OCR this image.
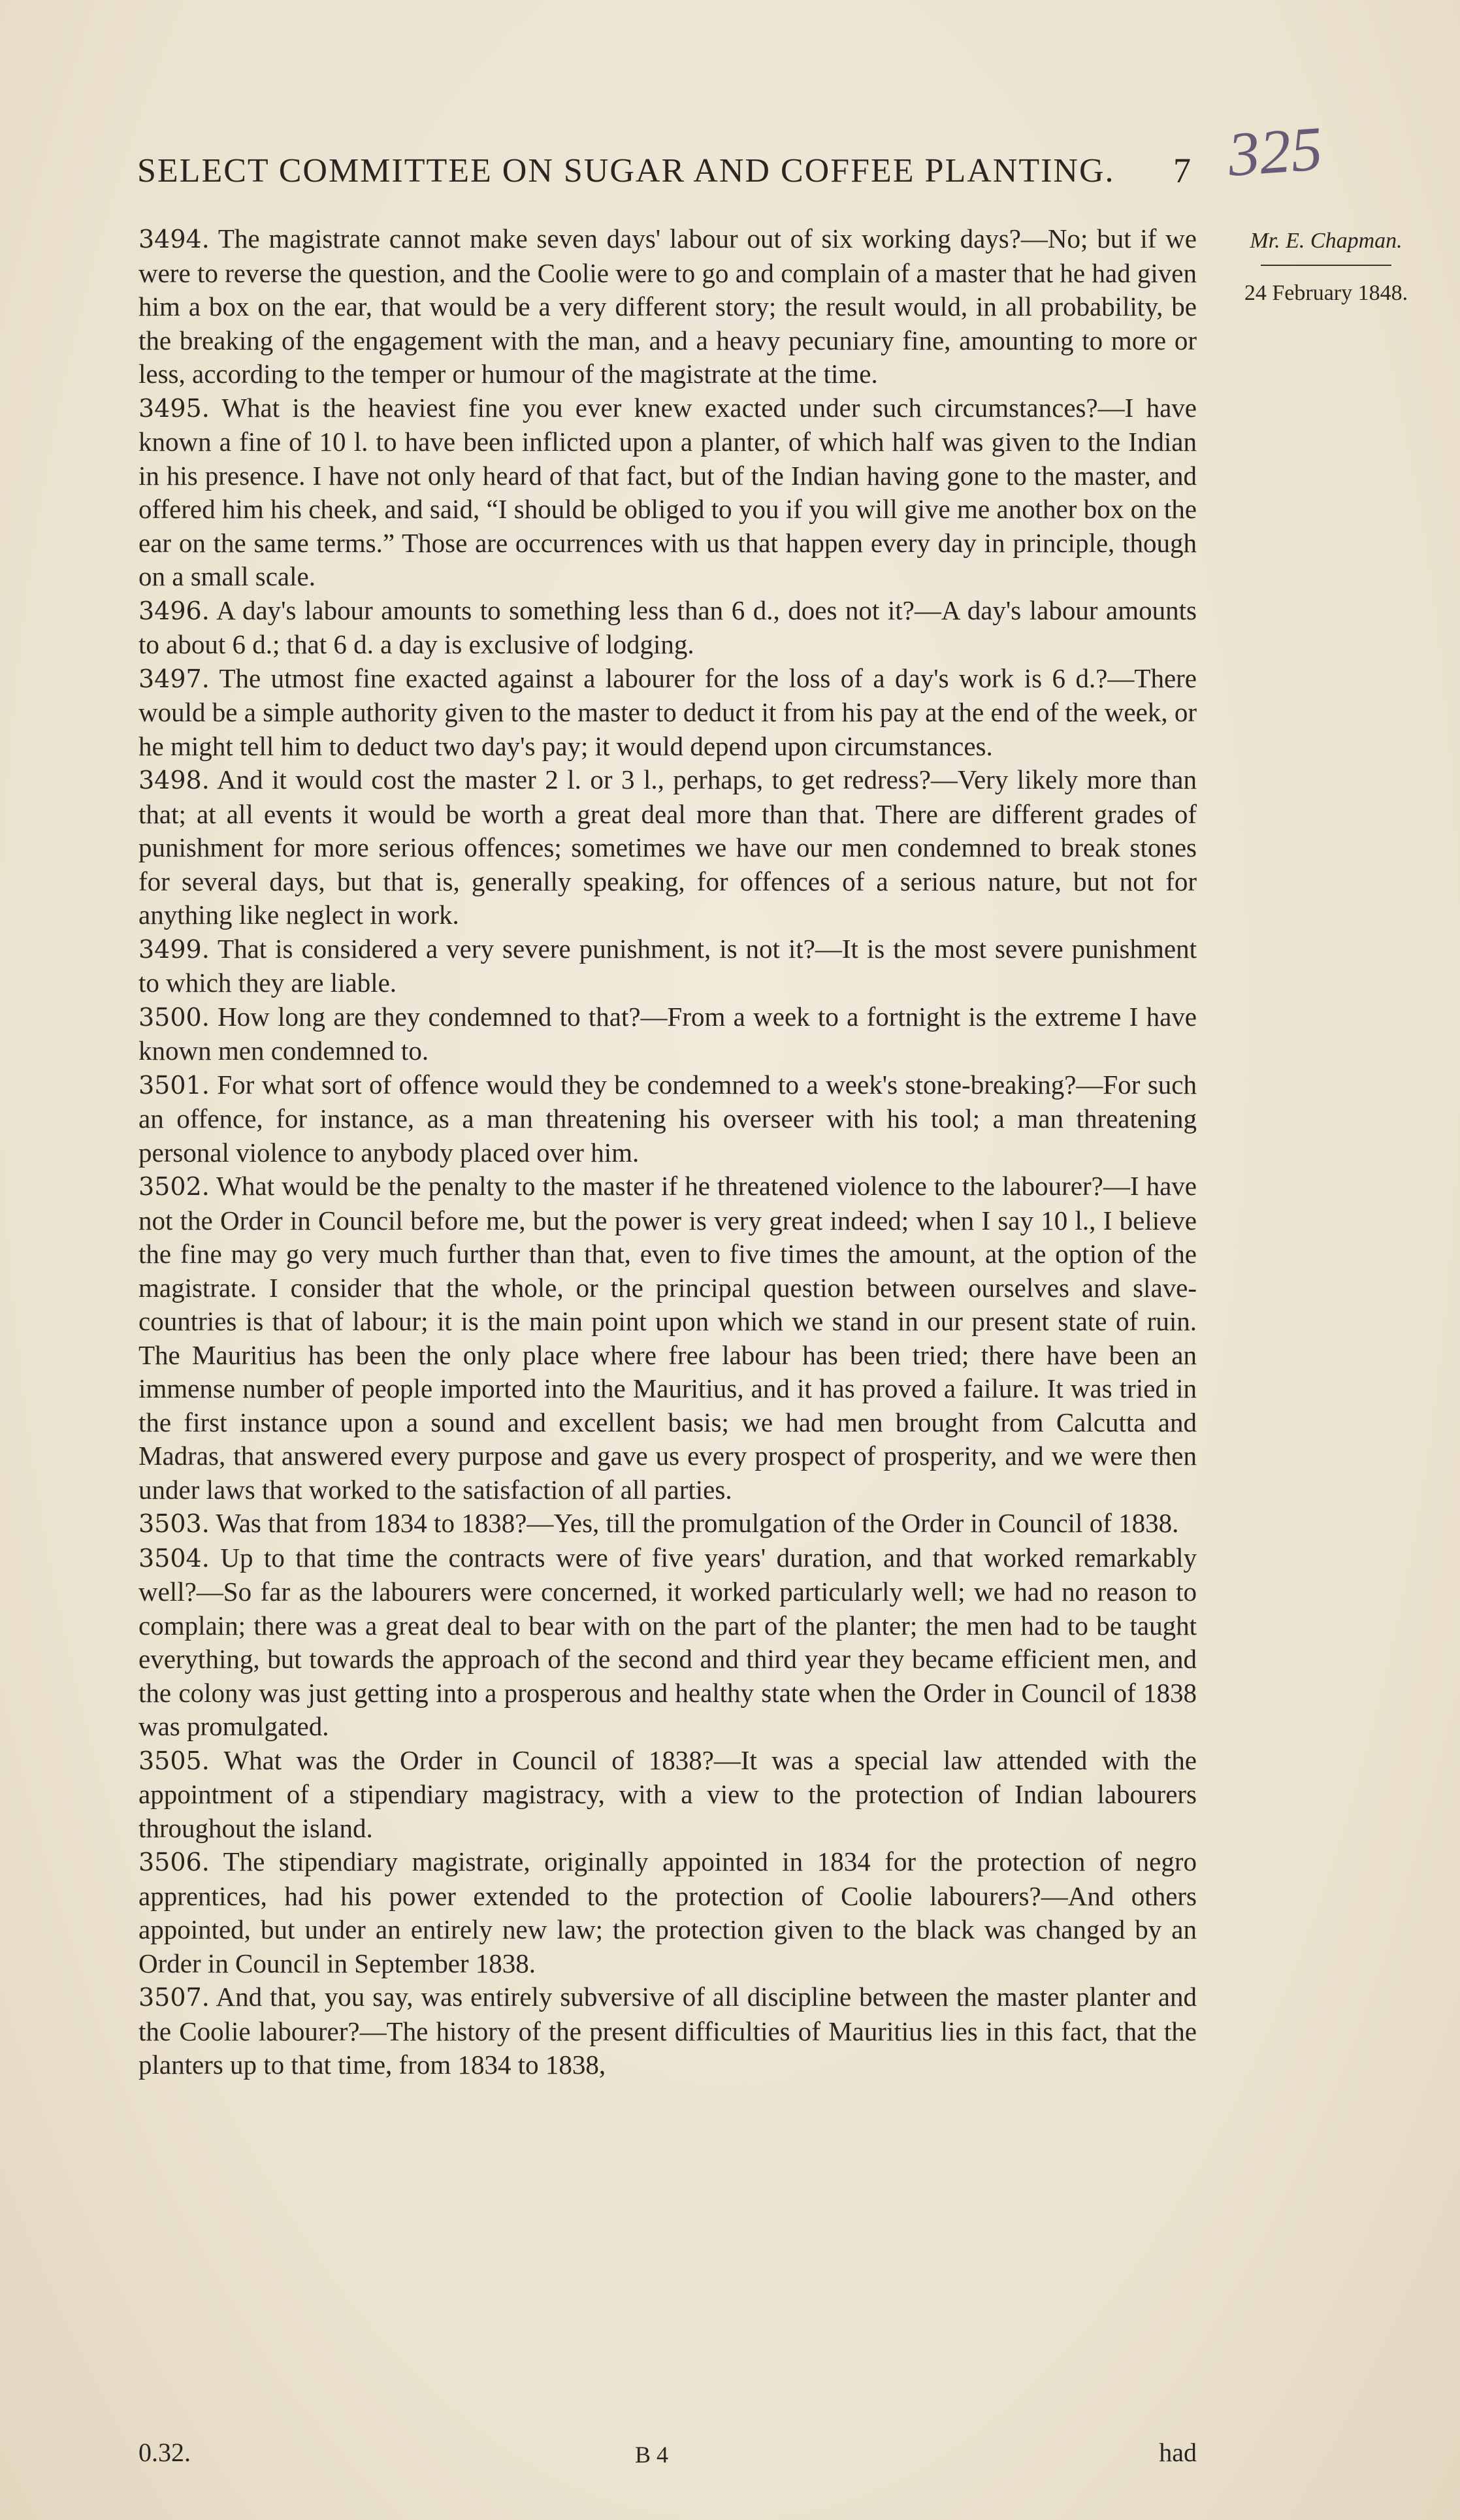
SELECT COMMITTEE ON SUGAR AND COFFEE PLANTING.	7 325
Mr. E. Chapman.
24 February 1848.

3494. The magistrate cannot make seven days' labour out of six working days?—No; but if we were to reverse the question, and the Coolie were to go and complain of a master that he had given him a box on the ear, that would be a very different story; the result would, in all probability, be the breaking of the engagement with the man, and a heavy pecuniary fine, amounting to more or less, according to the temper or humour of the magistrate at the time.

3495. What is the heaviest fine you ever knew exacted under such circumstances?—I have known a fine of 10 l. to have been inflicted upon a planter, of which half was given to the Indian in his presence. I have not only heard of that fact, but of the Indian having gone to the master, and offered him his cheek, and said, “I should be obliged to you if you will give me another box on the ear on the same terms.” Those are occurrences with us that happen every day in principle, though on a small scale.

3496. A day's labour amounts to something less than 6 d., does not it?—A day's labour amounts to about 6 d.; that 6 d. a day is exclusive of lodging.

3497. The utmost fine exacted against a labourer for the loss of a day's work is 6 d.?—There would be a simple authority given to the master to deduct it from his pay at the end of the week, or he might tell him to deduct two day's pay; it would depend upon circumstances.

3498. And it would cost the master 2 l. or 3 l., perhaps, to get redress?—Very likely more than that; at all events it would be worth a great deal more than that. There are different grades of punishment for more serious offences; sometimes we have our men condemned to break stones for several days, but that is, generally speaking, for offences of a serious nature, but not for anything like neglect in work.

3499. That is considered a very severe punishment, is not it?—It is the most severe punishment to which they are liable.

3500. How long are they condemned to that?—From a week to a fortnight is the extreme I have known men condemned to.

3501. For what sort of offence would they be condemned to a week's stone-breaking?—For such an offence, for instance, as a man threatening his overseer with his tool; a man threatening personal violence to anybody placed over him.

3502. What would be the penalty to the master if he threatened violence to the labourer?—I have not the Order in Council before me, but the power is very great indeed; when I say 10 l., I believe the fine may go very much further than that, even to five times the amount, at the option of the magistrate. I consider that the whole, or the principal question between ourselves and slave-countries is that of labour; it is the main point upon which we stand in our present state of ruin. The Mauritius has been the only place where free labour has been tried; there have been an immense number of people imported into the Mauritius, and it has proved a failure. It was tried in the first instance upon a sound and excellent basis; we had men brought from Calcutta and Madras, that answered every purpose and gave us every prospect of prosperity, and we were then under laws that worked to the satisfaction of all parties.

3503. Was that from 1834 to 1838?—Yes, till the promulgation of the Order in Council of 1838.

3504. Up to that time the contracts were of five years' duration, and that worked remarkably well?—So far as the labourers were concerned, it worked particularly well; we had no reason to complain; there was a great deal to bear with on the part of the planter; the men had to be taught everything, but towards the approach of the second and third year they became efficient men, and the colony was just getting into a prosperous and healthy state when the Order in Council of 1838 was promulgated.

3505. What was the Order in Council of 1838?—It was a special law attended with the appointment of a stipendiary magistracy, with a view to the protection of Indian labourers throughout the island.

3506. The stipendiary magistrate, originally appointed in 1834 for the protection of negro apprentices, had his power extended to the protection of Coolie labourers?—And others appointed, but under an entirely new law; the protection given to the black was changed by an Order in Council in September 1838.

3507. And that, you say, was entirely subversive of all discipline between the master planter and the Coolie labourer?—The history of the present difficulties of Mauritius lies in this fact, that the planters up to that time, from 1834 to 1838,

0.32.	B 4	had
